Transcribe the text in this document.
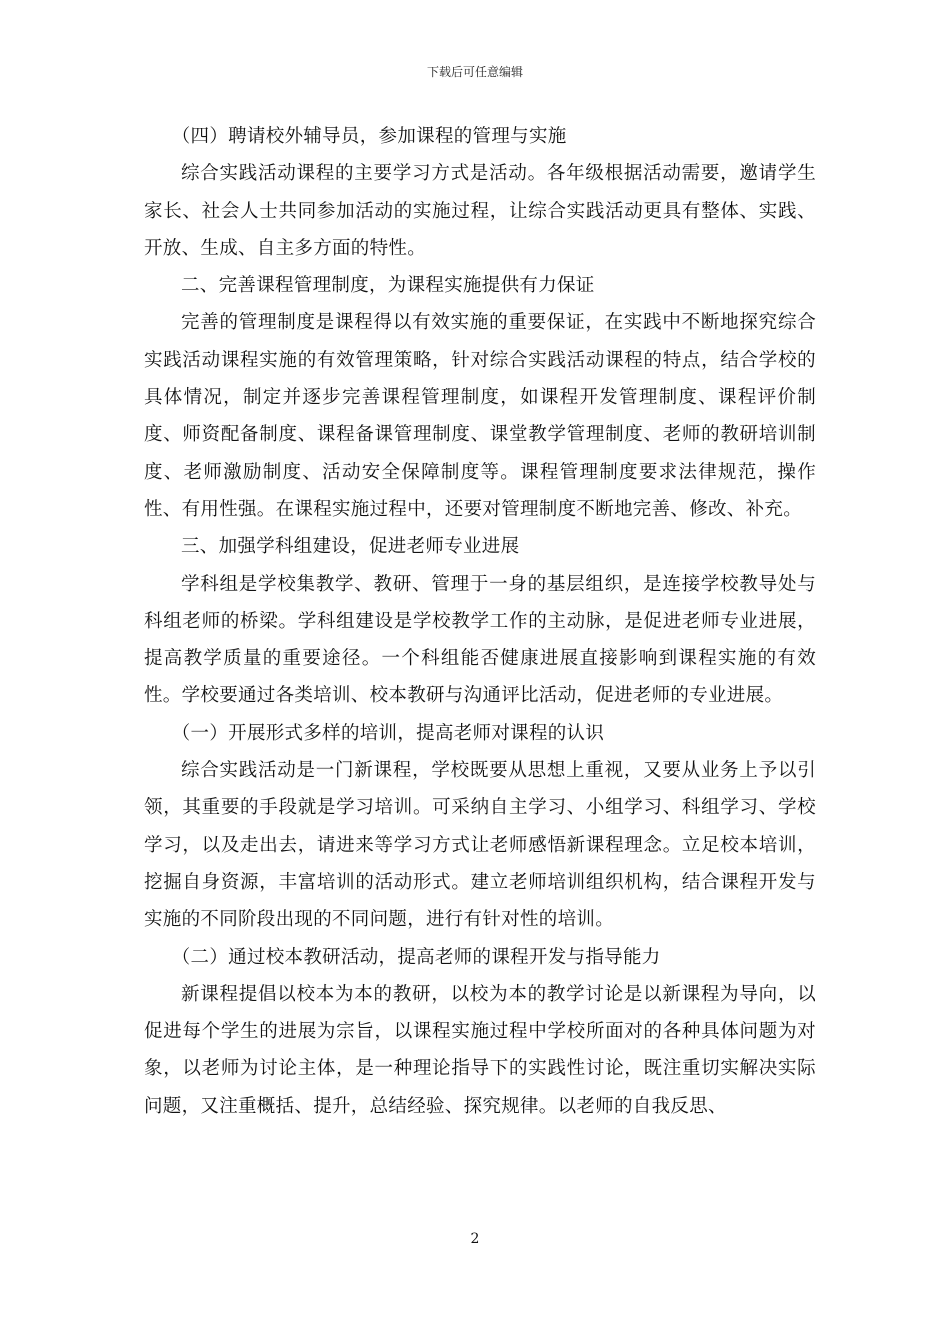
下载后可任意编辑

（四）聘请校外辅导员，参加课程的管理与实施

综合实践活动课程的主要学习方式是活动。各年级根据活动需要，邀请学生家长、社会人士共同参加活动的实施过程，让综合实践活动更具有整体、实践、开放、生成、自主多方面的特性。

二、完善课程管理制度，为课程实施提供有力保证

完善的管理制度是课程得以有效实施的重要保证，在实践中不断地探究综合实践活动课程实施的有效管理策略，针对综合实践活动课程的特点，结合学校的具体情况，制定并逐步完善课程管理制度，如课程开发管理制度、课程评价制度、师资配备制度、课程备课管理制度、课堂教学管理制度、老师的教研培训制度、老师激励制度、活动安全保障制度等。课程管理制度要求法律规范，操作性、有用性强。在课程实施过程中，还要对管理制度不断地完善、修改、补充。

三、加强学科组建设，促进老师专业进展

学科组是学校集教学、教研、管理于一身的基层组织，是连接学校教导处与科组老师的桥梁。学科组建设是学校教学工作的主动脉，是促进老师专业进展，提高教学质量的重要途径。一个科组能否健康进展直接影响到课程实施的有效性。学校要通过各类培训、校本教研与沟通评比活动，促进老师的专业进展。

（一）开展形式多样的培训，提高老师对课程的认识

综合实践活动是一门新课程，学校既要从思想上重视，又要从业务上予以引领，其重要的手段就是学习培训。可采纳自主学习、小组学习、科组学习、学校学习，以及走出去，请进来等学习方式让老师感悟新课程理念。立足校本培训，挖掘自身资源，丰富培训的活动形式。建立老师培训组织机构，结合课程开发与实施的不同阶段出现的不同问题，进行有针对性的培训。

（二）通过校本教研活动，提高老师的课程开发与指导能力

新课程提倡以校本为本的教研，以校为本的教学讨论是以新课程为导向，以促进每个学生的进展为宗旨，以课程实施过程中学校所面对的各种具体问题为对象，以老师为讨论主体，是一种理论指导下的实践性讨论，既注重切实解决实际问题，又注重概括、提升，总结经验、探究规律。以老师的自我反思、

2
